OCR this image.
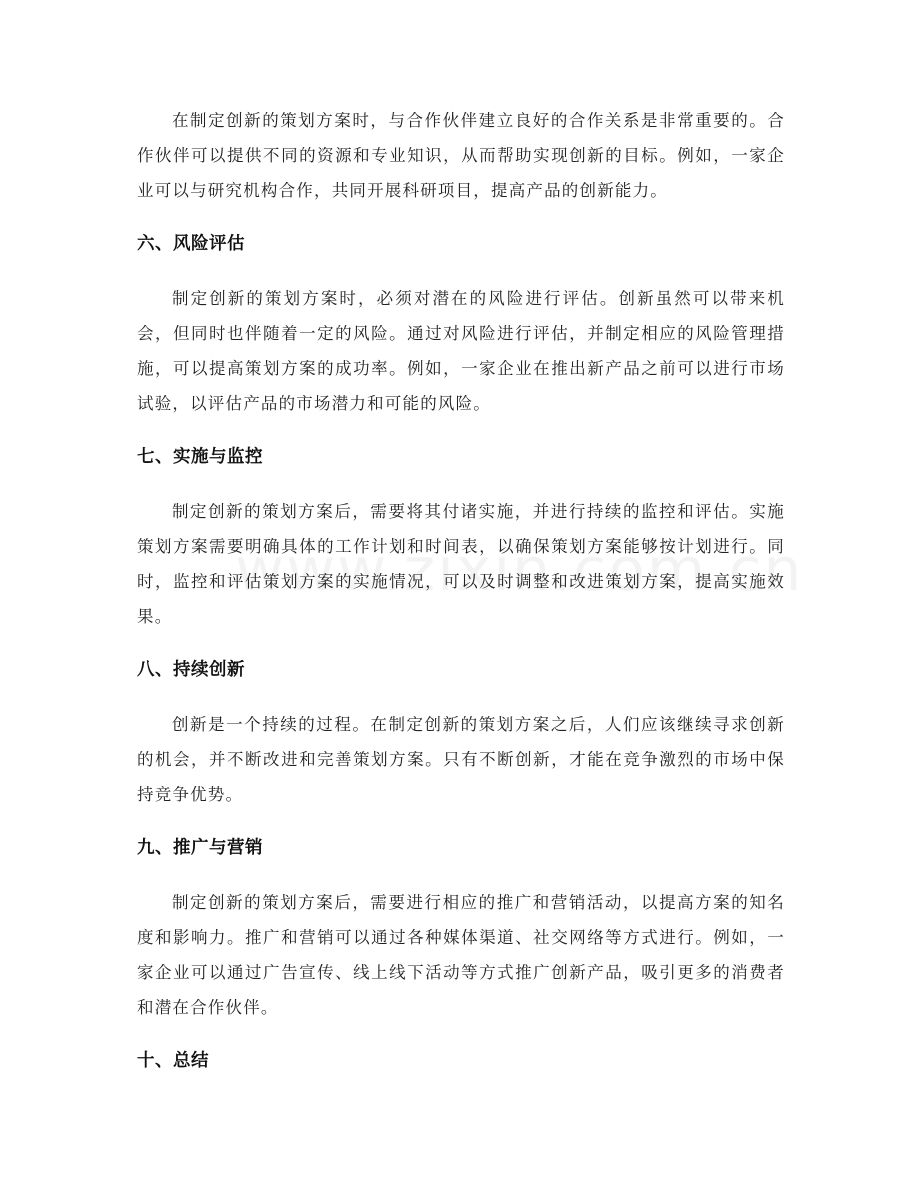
在制定创新的策划方案时，与合作伙伴建立良好的合作关系是非常重要的。合作伙伴可以提供不同的资源和专业知识，从而帮助实现创新的目标。例如，一家企业可以与研究机构合作，共同开展科研项目，提高产品的创新能力。

六、风险评估

制定创新的策划方案时，必须对潜在的风险进行评估。创新虽然可以带来机会，但同时也伴随着一定的风险。通过对风险进行评估，并制定相应的风险管理措施，可以提高策划方案的成功率。例如，一家企业在推出新产品之前可以进行市场试验，以评估产品的市场潜力和可能的风险。

七、实施与监控

制定创新的策划方案后，需要将其付诸实施，并进行持续的监控和评估。实施策划方案需要明确具体的工作计划和时间表，以确保策划方案能够按计划进行。同时，监控和评估策划方案的实施情况，可以及时调整和改进策划方案，提高实施效果。

八、持续创新

创新是一个持续的过程。在制定创新的策划方案之后，人们应该继续寻求创新的机会，并不断改进和完善策划方案。只有不断创新，才能在竞争激烈的市场中保持竞争优势。

九、推广与营销

制定创新的策划方案后，需要进行相应的推广和营销活动，以提高方案的知名度和影响力。推广和营销可以通过各种媒体渠道、社交网络等方式进行。例如，一家企业可以通过广告宣传、线上线下活动等方式推广创新产品，吸引更多的消费者和潜在合作伙伴。

十、总结
